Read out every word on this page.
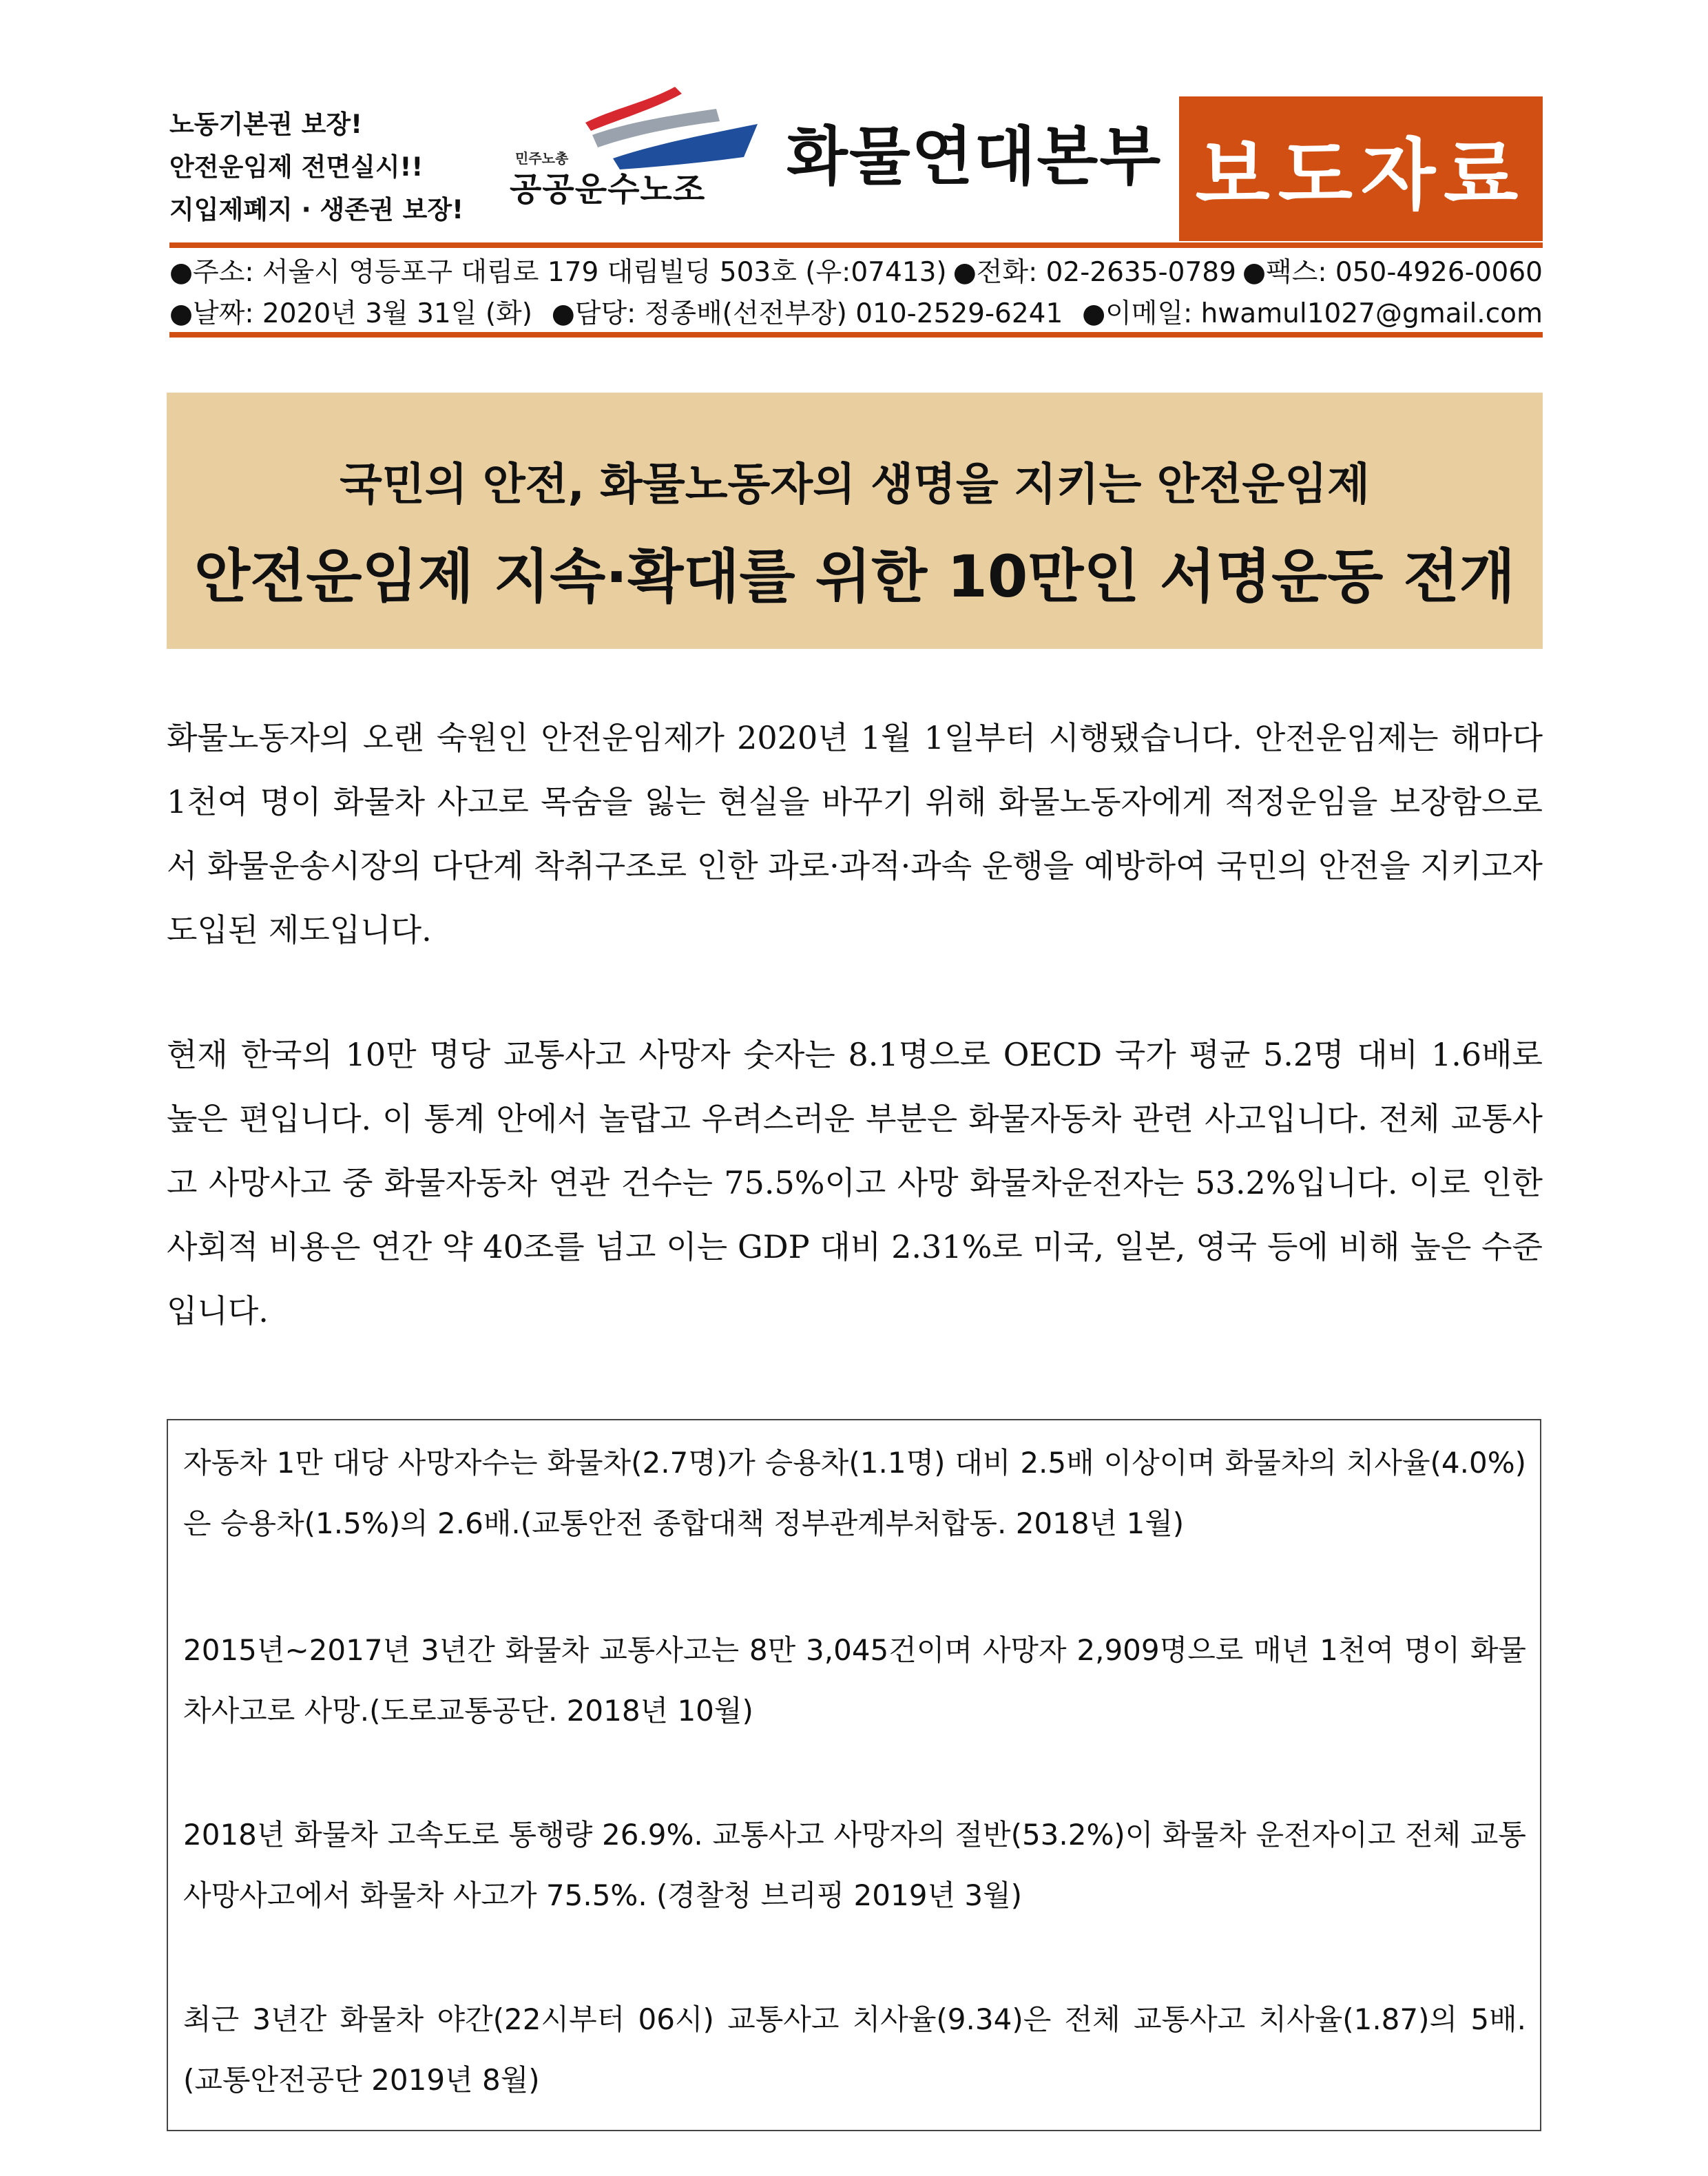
노동기본권 보장!
안전운임제 전면실시!!
지입제폐지 · 생존권 보장!
민주노총
공공운수노조 화물연대본부 보도자료
●주소: 서울시 영등포구 대림로 179 대림빌딩 503호 (우:07413) ●전화: 02-2635-0789 ●팩스: 050-4926-0060
●날짜: 2020년 3월 31일 (화) ●담당: 정종배(선전부장) 010-2529-6241 ●이메일: hwamul1027@gmail.com
국민의 안전, 화물노동자의 생명을 지키는 안전운임제
안전운임제 지속·확대를 위한 10만인 서명운동 전개

화물노동자의 오랜 숙원인 안전운임제가 2020년 1월 1일부터 시행됐습니다. 안전운임제는 해마다 1천여 명이 화물차 사고로 목숨을 잃는 현실을 바꾸기 위해 화물노동자에게 적정운임을 보장함으로서 화물운송시장의 다단계 착취구조로 인한 과로·과적·과속 운행을 예방하여 국민의 안전을 지키고자 도입된 제도입니다.

현재 한국의 10만 명당 교통사고 사망자 숫자는 8.1명으로 OECD 국가 평균 5.2명 대비 1.6배로 높은 편입니다. 이 통계 안에서 놀랍고 우려스러운 부분은 화물자동차 관련 사고입니다. 전체 교통사고 사망사고 중 화물자동차 연관 건수는 75.5%이고 사망 화물차운전자는 53.2%입니다. 이로 인한 사회적 비용은 연간 약 40조를 넘고 이는 GDP 대비 2.31%로 미국, 일본, 영국 등에 비해 높은 수준입니다.

자동차 1만 대당 사망자수는 화물차(2.7명)가 승용차(1.1명) 대비 2.5배 이상이며 화물차의 치사율(4.0%)은 승용차(1.5%)의 2.6배.(교통안전 종합대책 정부관계부처합동. 2018년 1월)

2015년~2017년 3년간 화물차 교통사고는 8만 3,045건이며 사망자 2,909명으로 매년 1천여 명이 화물차사고로 사망.(도로교통공단. 2018년 10월)

2018년 화물차 고속도로 통행량 26.9%. 교통사고 사망자의 절반(53.2%)이 화물차 운전자이고 전체 교통사망사고에서 화물차 사고가 75.5%. (경찰청 브리핑 2019년 3월)

최근 3년간 화물차 야간(22시부터 06시) 교통사고 치사율(9.34)은 전체 교통사고 치사율(1.87)의 5배. (교통안전공단 2019년 8월)
